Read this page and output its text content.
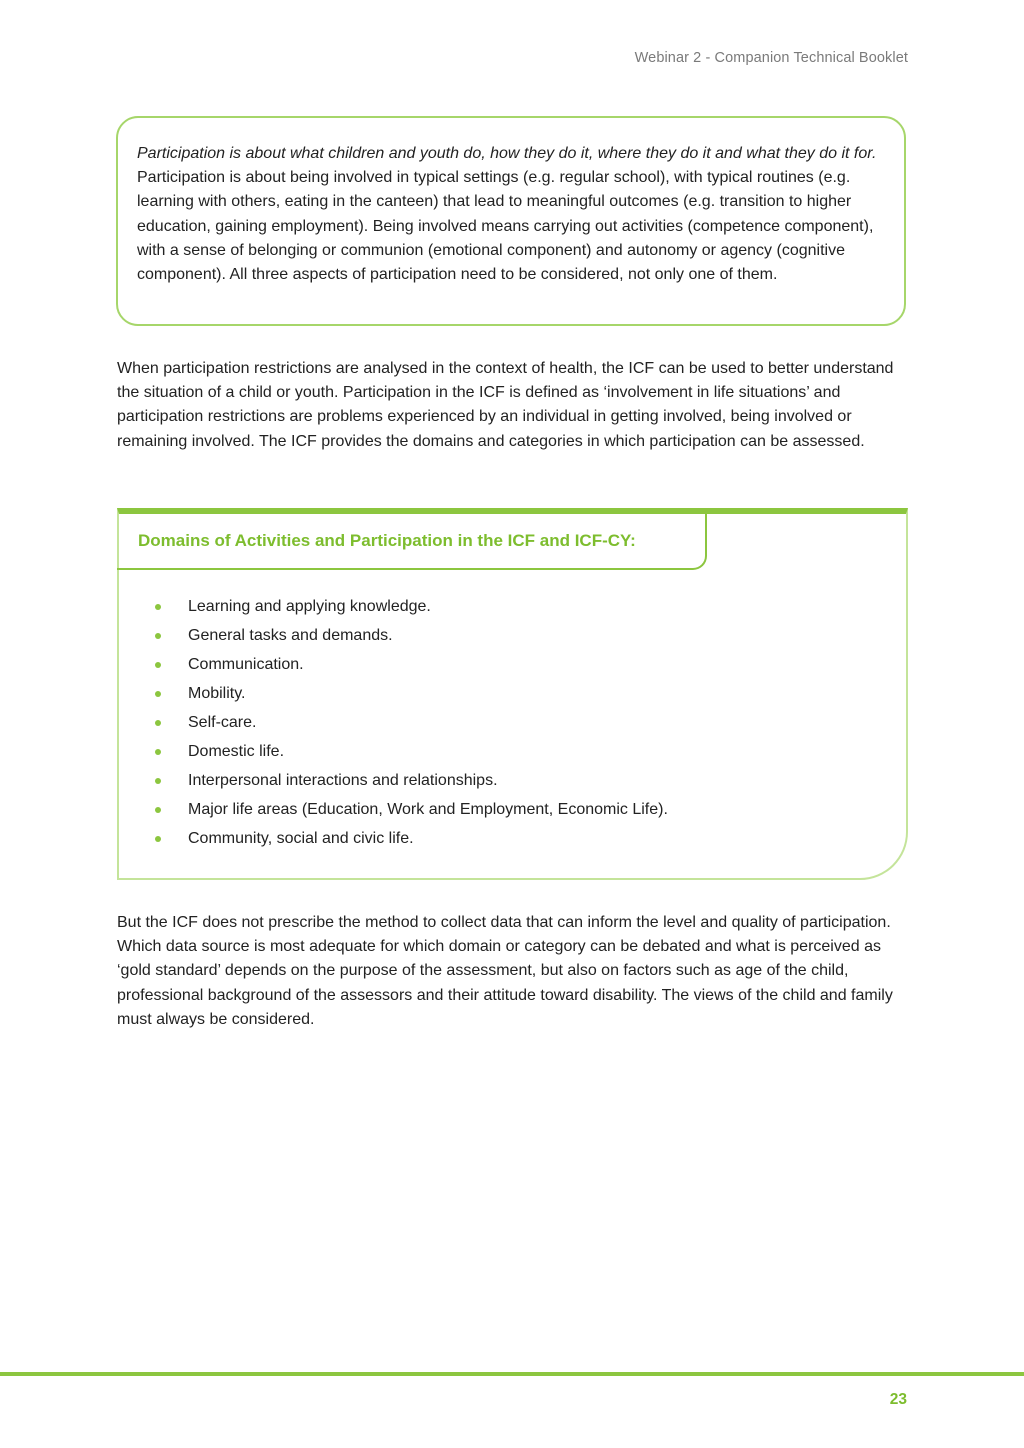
Webinar 2 - Companion Technical Booklet

Participation is about what children and youth do, how they do it, where they do it and what they do it for. Participation is about being involved in typical settings (e.g. regular school), with typical routines (e.g. learning with others, eating in the canteen) that lead to meaningful outcomes (e.g. transition to higher education, gaining employment). Being involved means carrying out activities (competence component), with a sense of belonging or communion (emotional component) and autonomy or agency (cognitive component). All three aspects of participation need to be considered, not only one of them.

When participation restrictions are analysed in the context of health, the ICF can be used to better understand the situation of a child or youth. Participation in the ICF is defined as ‘involvement in life situations’ and participation restrictions are problems experienced by an individual in getting involved, being involved or remaining involved. The ICF provides the domains and categories in which participation can be assessed.

Domains of Activities and Participation in the ICF and ICF-CY:

Learning and applying knowledge.
General tasks and demands.
Communication.
Mobility.
Self-care.
Domestic life.
Interpersonal interactions and relationships.
Major life areas (Education, Work and Employment, Economic Life).
Community, social and civic life.

But the ICF does not prescribe the method to collect data that can inform the level and quality of participation. Which data source is most adequate for which domain or category can be debated and what is perceived as ‘gold standard’ depends on the purpose of the assessment, but also on factors such as age of the child, professional background of the assessors and their attitude toward disability. The views of the child and family must always be considered.

23
